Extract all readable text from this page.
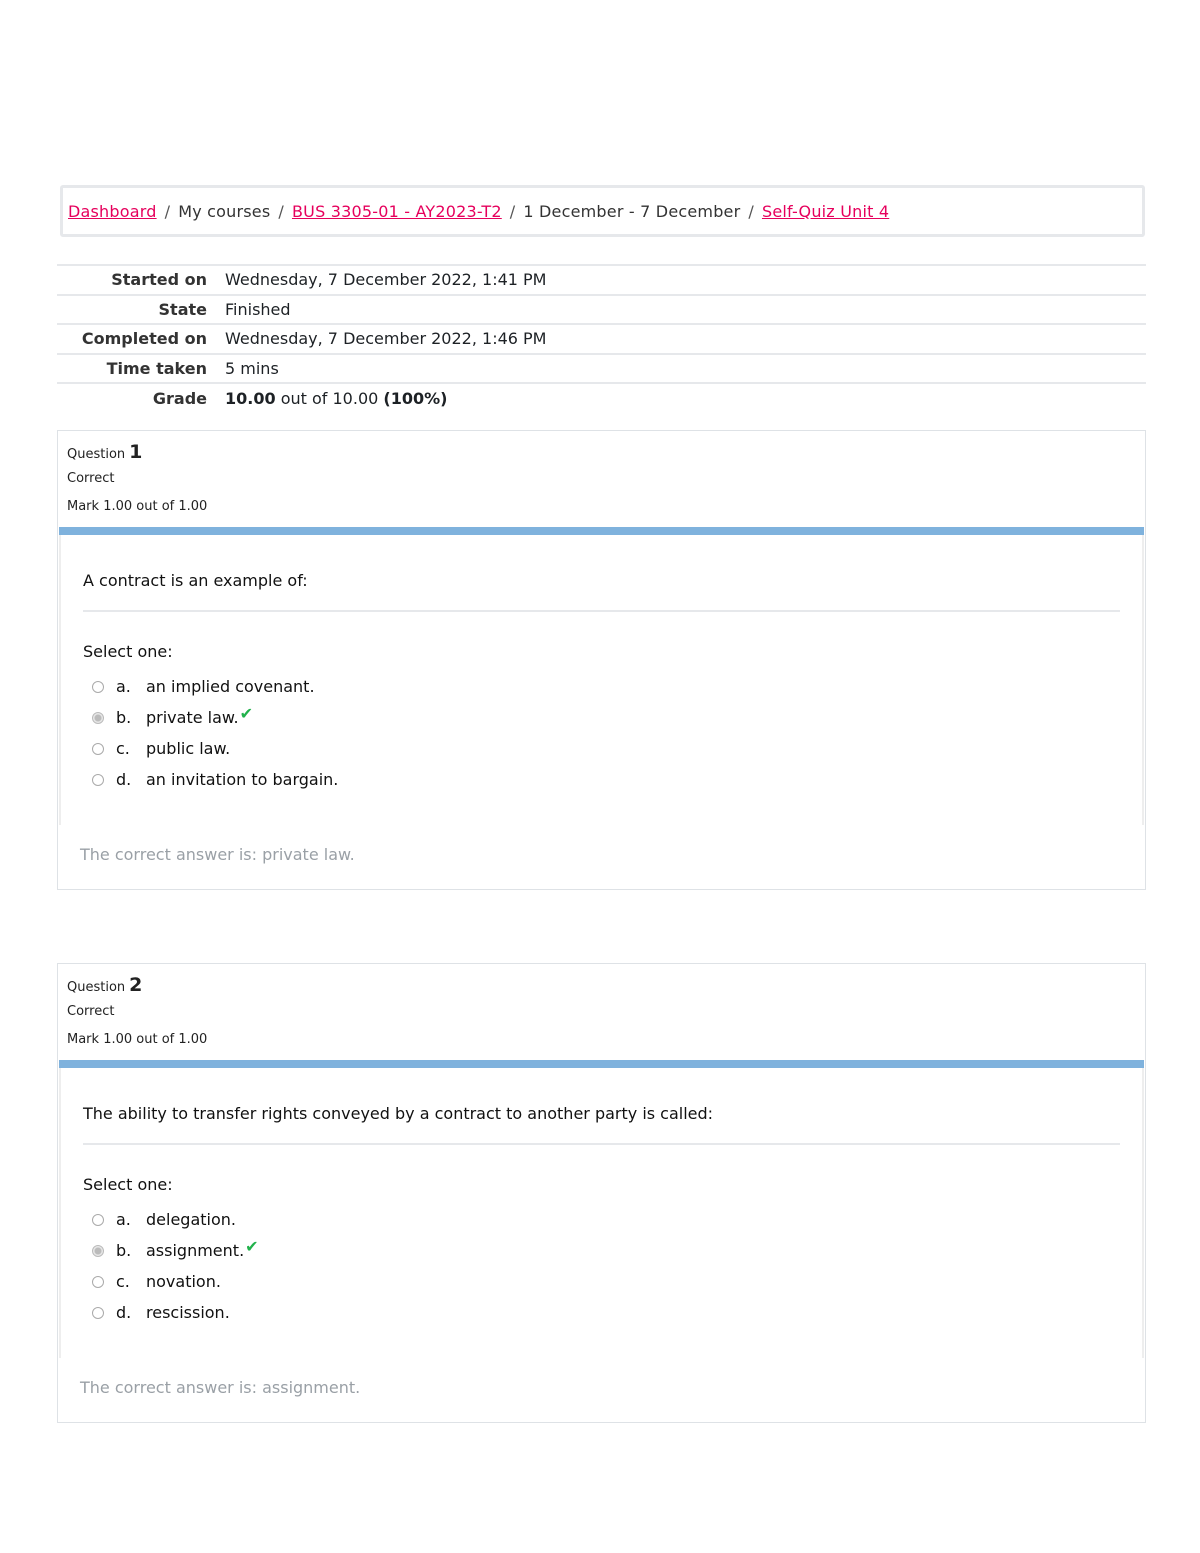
Dashboard / My courses / BUS 3305-01 - AY2023-T2 / 1 December - 7 December / Self-Quiz Unit 4
Started on	Wednesday, 7 December 2022, 1:41 PM
State	Finished
Completed on	Wednesday, 7 December 2022, 1:46 PM
Time taken	5 mins
Grade	10.00 out of 10.00 (100%)
Question 1
Correct
Mark 1.00 out of 1.00
A contract is an example of:
Select one:
a. an implied covenant.
b. private law. ✔
c.	public law.
d. an invitation to bargain.
The correct answer is: private law.
Question 2
Correct
Mark 1.00 out of 1.00
The ability to transfer rights conveyed by a contract to another party is called:
Select one:
a. delegation.
b. assignment. ✔
c.	novation.
d. rescission.
The correct answer is: assignment.
